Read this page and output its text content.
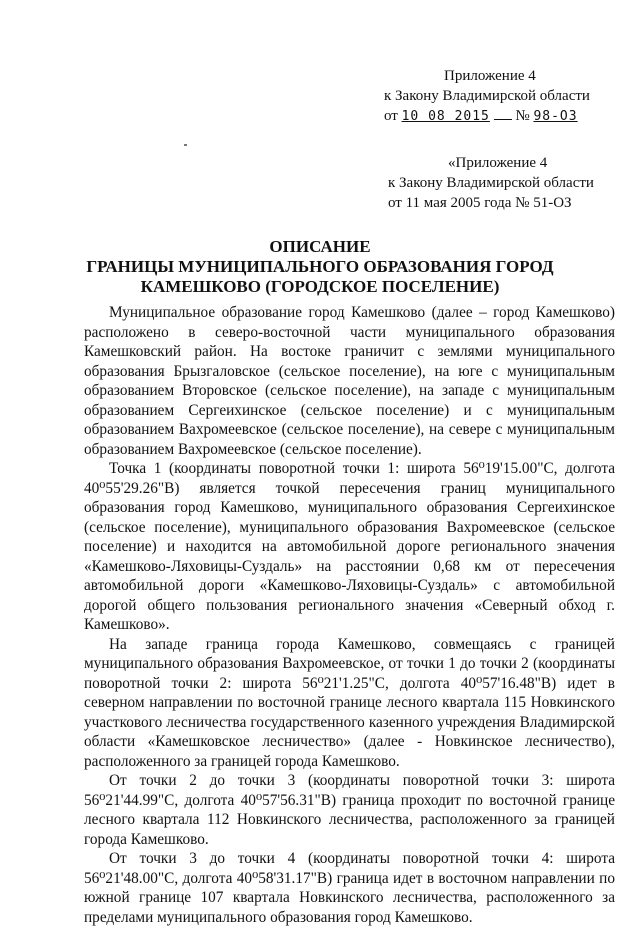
Приложение 4
к Закону Владимирской области
от 10 08 2015 № 98-ОЗ
«Приложение 4
к Закону Владимирской области
от 11 мая 2005 года № 51-ОЗ
ОПИСАНИЕ
ГРАНИЦЫ МУНИЦИПАЛЬНОГО ОБРАЗОВАНИЯ ГОРОД
КАМЕШКОВО (ГОРОДСКОЕ ПОСЕЛЕНИЕ)

Муниципальное образование город Камешково (далее – город Камешково) расположено в северо-восточной части муниципального образования Камешковский район. На востоке граничит с землями муниципального образования Брызгаловское (сельское поселение), на юге с муниципальным образованием Второвское (сельское поселение), на западе с муниципальным образованием Сергеихинское (сельское поселение) и с муниципальным образованием Вахромеевское (сельское поселение), на севере с муниципальным образованием Вахромеевское (сельское поселение).

Точка 1 (координаты поворотной точки 1: широта 56⁰19'15.00"С, долгота 40⁰55'29.26"В) является точкой пересечения границ муниципального образования город Камешково, муниципального образования Сергеихинское (сельское поселение), муниципального образования Вахромеевское (сельское поселение) и находится на автомобильной дороге регионального значения «Камешково-Ляховицы-Суздаль» на расстоянии 0,68 км от пересечения автомобильной дороги «Камешково-Ляховицы-Суздаль» с автомобильной дорогой общего пользования регионального значения «Северный обход г. Камешково».

На западе граница города Камешково, совмещаясь с границей муниципального образования Вахромеевское, от точки 1 до точки 2 (координаты поворотной точки 2: широта 56⁰21'1.25"С, долгота 40⁰57'16.48"В) идет в северном направлении по восточной границе лесного квартала 115 Новкинского участкового лесничества государственного казенного учреждения Владимирской области «Камешковское лесничество» (далее - Новкинское лесничество), расположенного за границей города Камешково.

От точки 2 до точки 3 (координаты поворотной точки 3: широта 56⁰21'44.99"С, долгота 40⁰57'56.31"В) граница проходит по восточной границе лесного квартала 112 Новкинского лесничества, расположенного за границей города Камешково.

От точки 3 до точки 4 (координаты поворотной точки 4: широта 56⁰21'48.00"С, долгота 40⁰58'31.17"В) граница идет в восточном направлении по южной границе 107 квартала Новкинского лесничества, расположенного за пределами муниципального образования город Камешково.
